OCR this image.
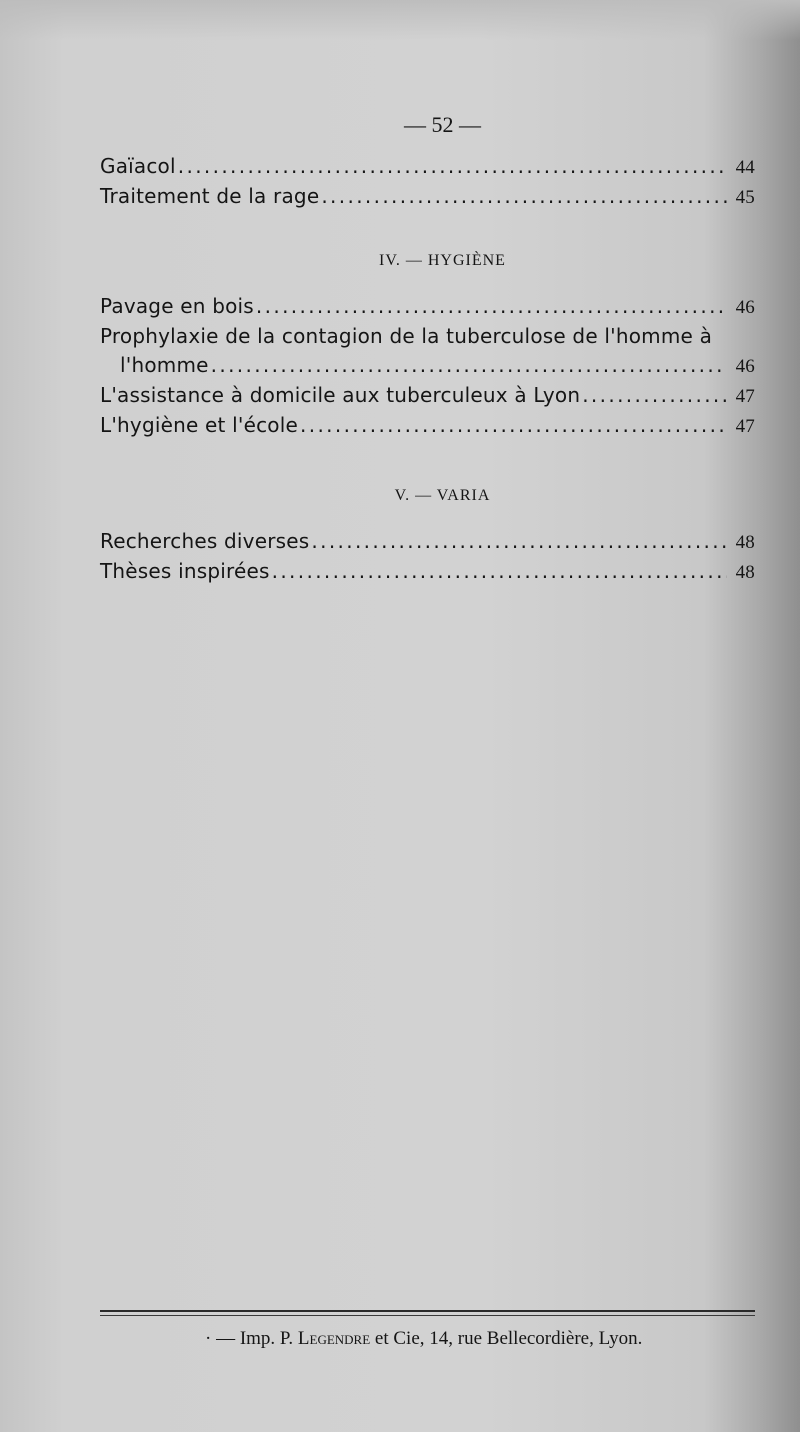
— 52 —
Gaïacol . . .	44
Traitement de la rage . . .	45
IV. — HYGIÈNE
Pavage en bois . . .	46
Prophylaxie de la contagion de la tuberculose de l'homme à
l'homme . . .	46
L'assistance à domicile aux tuberculeux à Lyon . . .	47
L'hygiène et l'école . . .	47
V. — VARIA
Recherches diverses . . .	48
Thèses inspirées . . .	48
· — Imp. P. Legendre et Cie, 14, rue Bellecordière, Lyon.
